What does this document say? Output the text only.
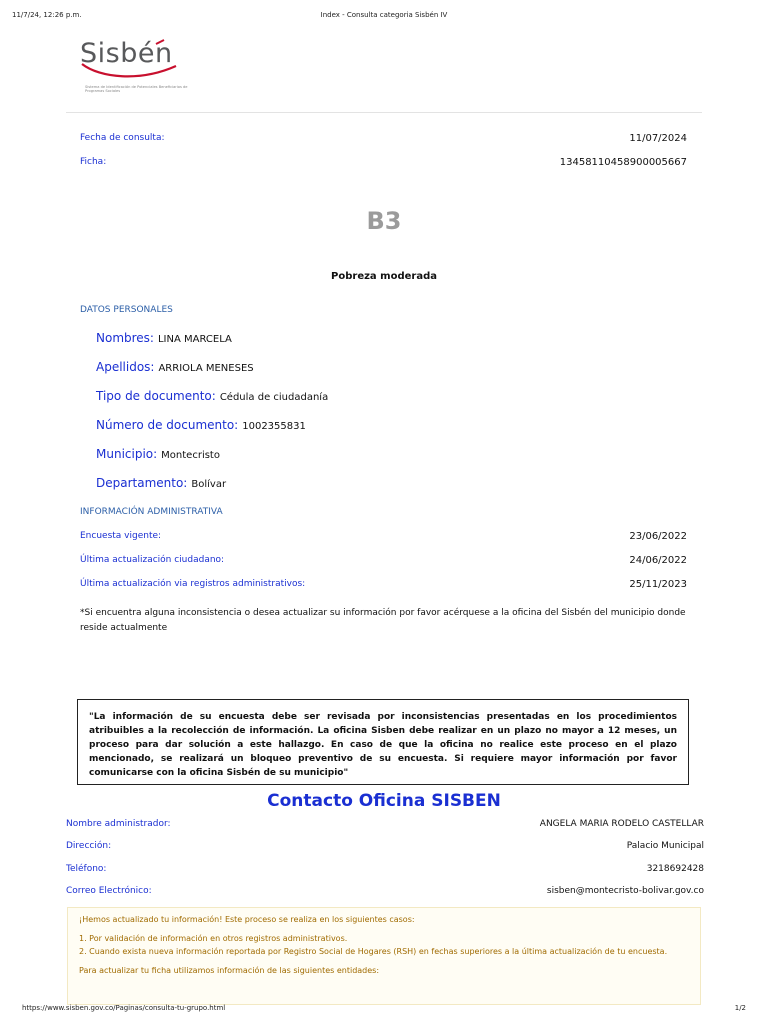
11/7/24, 12:26 p.m.	Index - Consulta categoria Sisbén IV
Sisbén
Sistema de Identificación de Potenciales Beneficiarios de Programas Sociales
Fecha de consulta:	11/07/2024
Ficha:	13458110458900005667
B3
Pobreza moderada
DATOS PERSONALES
Nombres: LINA MARCELA
Apellidos: ARRIOLA MENESES
Tipo de documento: Cédula de ciudadanía
Número de documento: 1002355831
Municipio: Montecristo
Departamento: Bolívar
INFORMACIÓN ADMINISTRATIVA
Encuesta vigente:	23/06/2022
Última actualización ciudadano:	24/06/2022
Última actualización via registros administrativos:	25/11/2023
*Si encuentra alguna inconsistencia o desea actualizar su información por favor acérquese a la oficina del Sisbén del municipio donde reside actualmente

"La información de su encuesta debe ser revisada por inconsistencias presentadas en los procedimientos atribuibles a la recolección de información. La oficina Sisben debe realizar en un plazo no mayor a 12 meses, un proceso para dar solución a este hallazgo. En caso de que la oficina no realice este proceso en el plazo mencionado, se realizará un bloqueo preventivo de su encuesta. Si requiere mayor información por favor comunicarse con la oficina Sisbén de su municipio"

Contacto Oficina SISBEN
Nombre administrador:	ANGELA MARIA RODELO CASTELLAR
Dirección:	Palacio Municipal
Teléfono:	3218692428
Correo Electrónico:	sisben@montecristo-bolivar.gov.co

¡Hemos actualizado tu información! Este proceso se realiza en los siguientes casos:

1. Por validación de información en otros registros administrativos.

2. Cuando exista nueva información reportada por Registro Social de Hogares (RSH) en fechas superiores a la última actualización de tu encuesta.

Para actualizar tu ficha utilizamos información de las siguientes entidades:

https://www.sisben.gov.co/Paginas/consulta-tu-grupo.html	1/2
